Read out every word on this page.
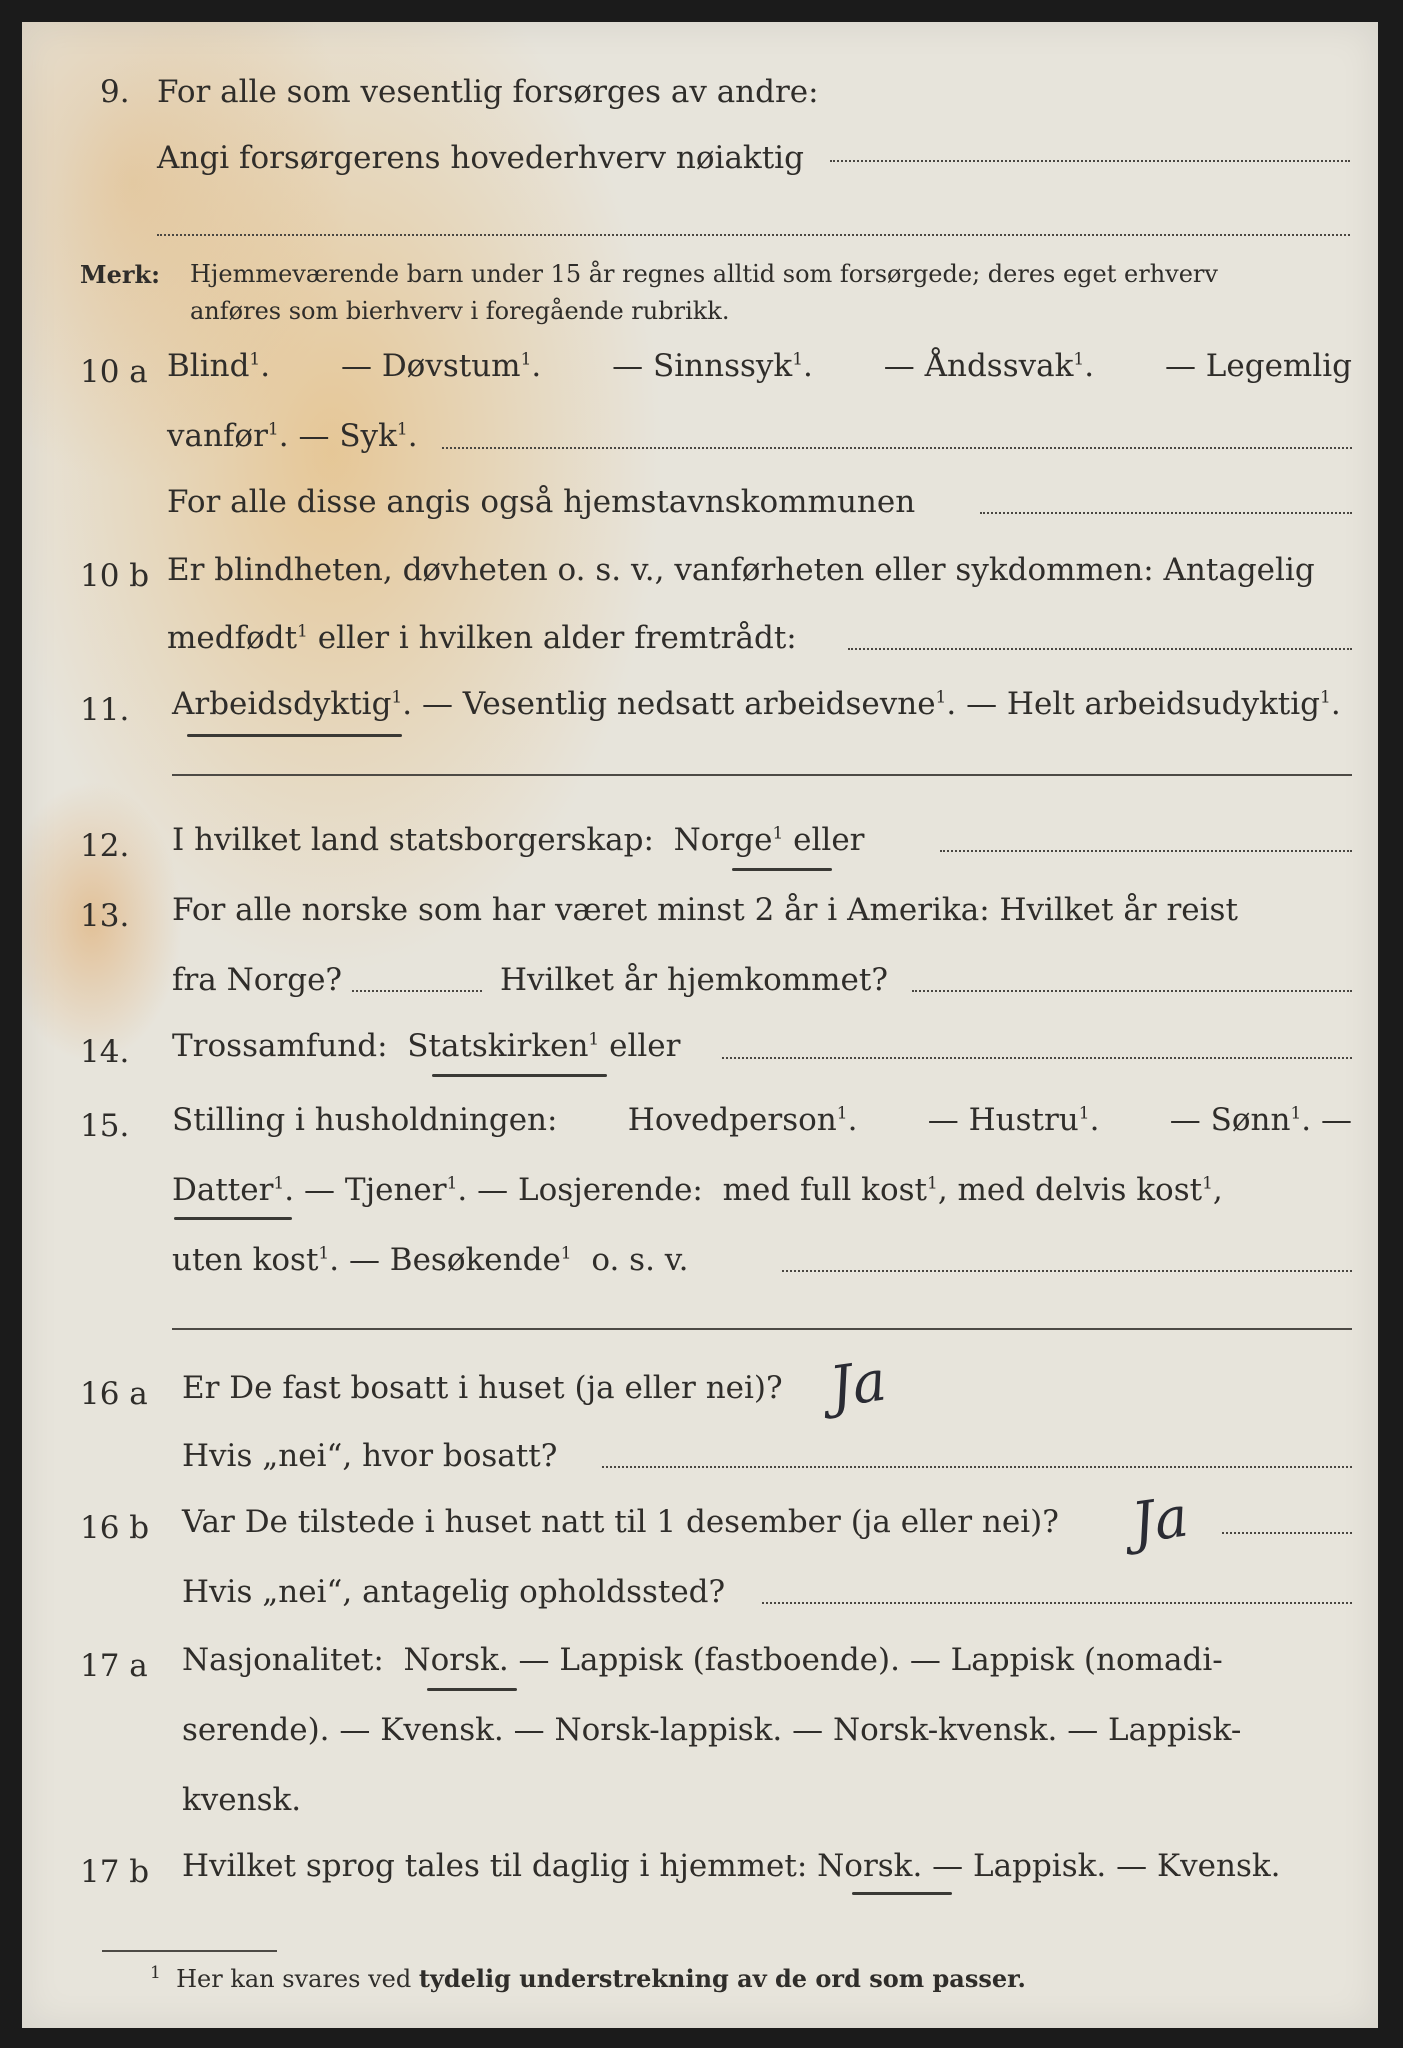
9. For alle som vesentlig forsørges av andre:
Angi forsørgerens hovederhverv nøiaktig
Merk: Hjemmeværende barn under 15 år regnes alltid som forsørgede; deres eget erhverv
anføres som bierhverv i foregående rubrikk.
10 a Blind$^1$. — Døvstum$^1$. — Sinnssyk$^1$. — Åndssvak$^1$. — Legemlig
vanfør$^1$. — Syk$^1$.
For alle disse angis også hjemstavnskommunen
10 b Er blindheten, døvheten o. s. v., vanførheten eller sykdommen: Antagelig
medfødt$^1$ eller i hvilken alder fremtrådt:
11. Arbeidsdyktig$^1$. — Vesentlig nedsatt arbeidsevne$^1$. — Helt arbeidsudyktig$^1$.
12. I hvilket land statsborgerskap: Norge$^1$ eller
13. For alle norske som har været minst 2 år i Amerika: Hvilket år reist
fra Norge?	Hvilket år hjemkommet?
14. Trossamfund: Statskirken$^1$ eller
15. Stilling i husholdningen: Hovedperson$^1$. — Hustru$^1$. — Sønn$^1$. —
Datter$^1$. — Tjener$^1$. — Losjerende: med full kost$^1$, med delvis kost$^1$,
uten kost$^1$. — Besøkende$^1$ o. s. v.
16 a Er De fast bosatt i huset (ja eller nei)? Ja
Hvis „nei“, hvor bosatt?
16 b Var De tilstede i huset natt til 1 desember (ja eller nei)? Ja
Hvis „nei“, antagelig opholdssted?
17 a Nasjonalitet: Norsk. — Lappisk (fastboende). — Lappisk (nomadi-
serende). — Kvensk. — Norsk-lappisk. — Norsk-kvensk. — Lappisk-
kvensk.
17 b Hvilket sprog tales til daglig i hjemmet: Norsk. — Lappisk. — Kvensk.
$^1$ Her kan svares ved tydelig understrekning av de ord som passer.
